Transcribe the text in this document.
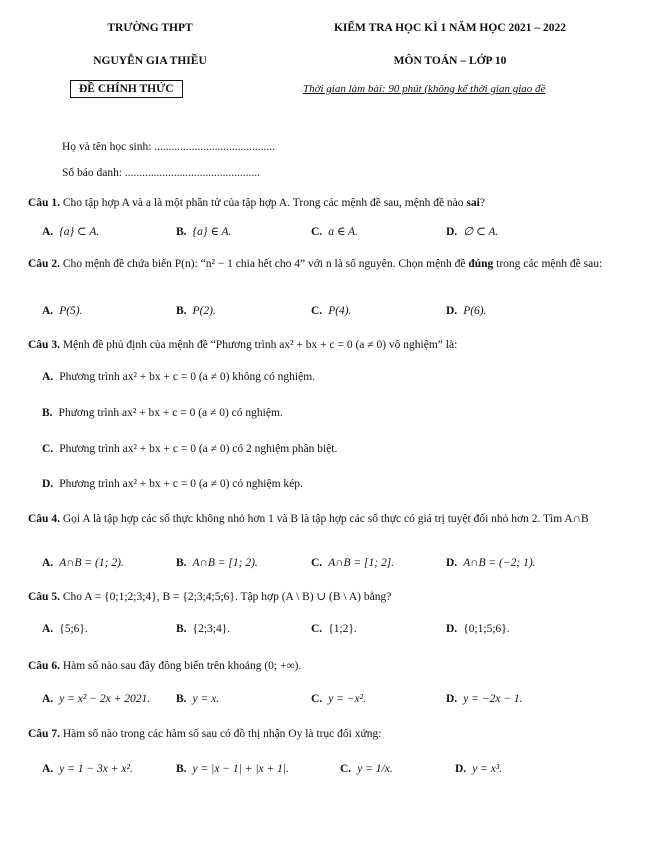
TRƯỜNG THPT
NGUYỄN GIA THIỀU
ĐỀ CHÍNH THỨC
KIỂM TRA HỌC KÌ 1 NĂM HỌC 2021 – 2022
MÔN TOÁN – LỚP 10
Thời gian làm bài: 90 phút (không kể thời gian giao đề
Họ và tên học sinh: ..........................................
Số báo danh: ...............................................
Câu 1. Cho tập hợp A và a là một phần tử của tập hợp A. Trong các mệnh đề sau, mệnh đề nào sai?
A. {a} ⊂ A.	B. {a} ∈ A.	C. a ∈ A.	D. ∅ ⊂ A.
Câu 2. Cho mệnh đề chứa biến P(n): “n² − 1 chia hết cho 4” với n là số nguyên. Chọn mệnh đề đúng trong các mệnh đề sau:
A. P(5).	B. P(2).	C. P(4).	D. P(6).
Câu 3. Mệnh đề phủ định của mệnh đề “Phương trình ax² + bx + c = 0 (a ≠ 0) vô nghiệm” là:
A. Phương trình ax² + bx + c = 0 (a ≠ 0) không có nghiệm.
B. Phương trình ax² + bx + c = 0 (a ≠ 0) có nghiệm.
C. Phương trình ax² + bx + c = 0 (a ≠ 0) có 2 nghiệm phân biệt.
D. Phương trình ax² + bx + c = 0 (a ≠ 0) có nghiệm kép.
Câu 4. Gọi A là tập hợp các số thực không nhỏ hơn 1 và B là tập hợp các số thực có giá trị tuyệt đối nhỏ hơn 2. Tìm A∩B
A. A∩B = (1; 2).	B. A∩B = [1; 2).	C. A∩B = [1; 2].	D. A∩B = (−2; 1).
Câu 5. Cho A = {0;1;2;3;4}, B = {2;3;4;5;6}. Tập hợp (A \ B) ∪ (B \ A) bằng?
A. {5;6}.	B. {2;3;4}.	C. {1;2}.	D. {0;1;5;6}.
Câu 6. Hàm số nào sau đây đồng biến trên khoảng (0; +∞).
A. y = x² − 2x + 2021. B. y = x.	C. y = −x².	D. y = −2x − 1.
Câu 7. Hàm số nào trong các hàm số sau có đồ thị nhận Oy là trục đối xứng:
A. y = 1 − 3x + x².	B. y = |x − 1| + |x + 1|.	C. y = 1/x.	D. y = x³.
